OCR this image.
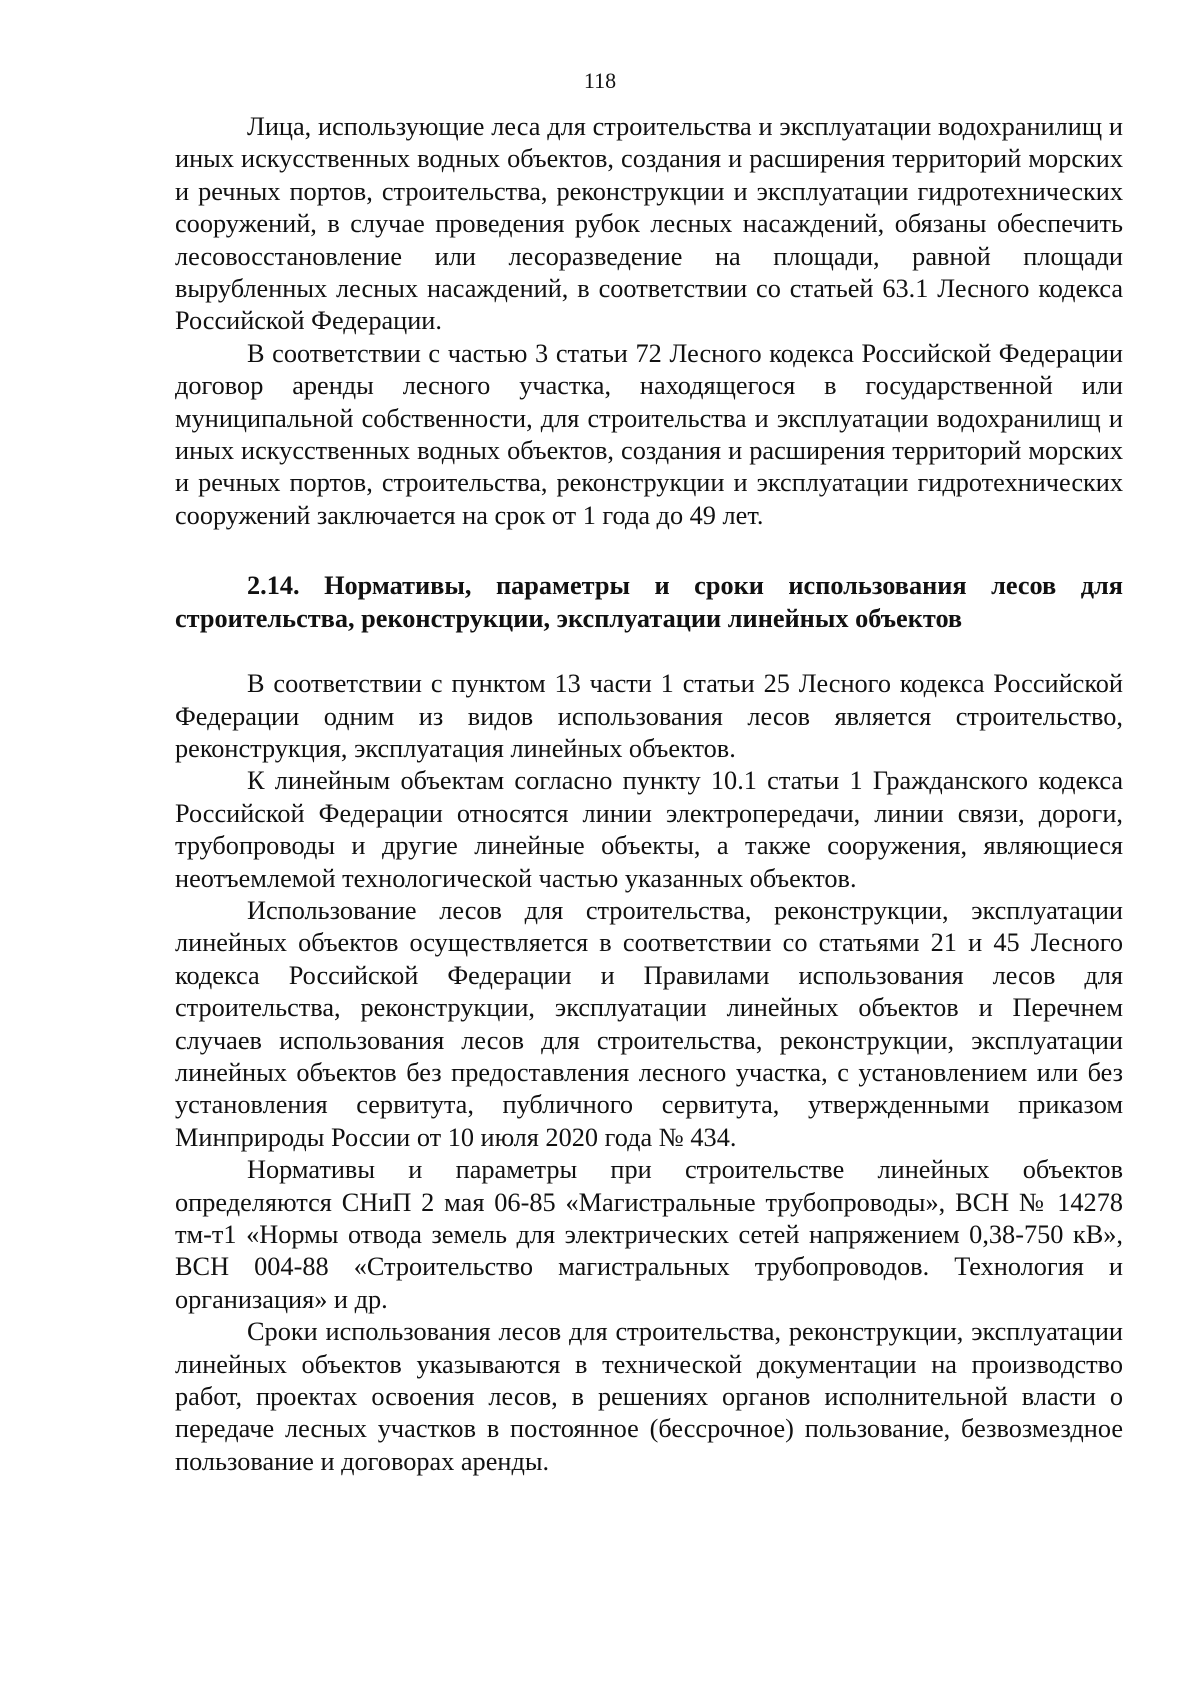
118

Лица, использующие леса для строительства и эксплуатации водохранилищ и иных искусственных водных объектов, создания и расширения территорий морских и речных портов, строительства, реконструкции и эксплуатации гидротехнических сооружений, в случае проведения рубок лесных насаждений, обязаны обеспечить лесовосстановление или лесоразведение на площади, равной площади вырубленных лесных насаждений, в соответствии со статьей 63.1 Лесного кодекса Российской Федерации.

В соответствии с частью 3 статьи 72 Лесного кодекса Российской Федерации договор аренды лесного участка, находящегося в государственной или муниципальной собственности, для строительства и эксплуатации водохранилищ и иных искусственных водных объектов, создания и расширения территорий морских и речных портов, строительства, реконструкции и эксплуатации гидротехнических сооружений заключается на срок от 1 года до 49 лет.

2.14. Нормативы, параметры и сроки использования лесов для строительства, реконструкции, эксплуатации линейных объектов

В соответствии с пунктом 13 части 1 статьи 25 Лесного кодекса Российской Федерации одним из видов использования лесов является строительство, реконструкция, эксплуатация линейных объектов.

К линейным объектам согласно пункту 10.1 статьи 1 Гражданского кодекса Российской Федерации относятся линии электропередачи, линии связи, дороги, трубопроводы и другие линейные объекты, а также сооружения, являющиеся неотъемлемой технологической частью указанных объектов.

Использование лесов для строительства, реконструкции, эксплуатации линейных объектов осуществляется в соответствии со статьями 21 и 45 Лесного кодекса Российской Федерации и Правилами использования лесов для строительства, реконструкции, эксплуатации линейных объектов и Перечнем случаев использования лесов для строительства, реконструкции, эксплуатации линейных объектов без предоставления лесного участка, с установлением или без установления сервитута, публичного сервитута, утвержденными приказом Минприроды России от 10 июля 2020 года № 434.

Нормативы и параметры при строительстве линейных объектов определяются СНиП 2 мая 06-85 «Магистральные трубопроводы», ВСН № 14278 тм-т1 «Нормы отвода земель для электрических сетей напряжением 0,38-750 кВ», ВСН 004-88 «Строительство магистральных трубопроводов. Технология и организация» и др.

Сроки использования лесов для строительства, реконструкции, эксплуатации линейных объектов указываются в технической документации на производство работ, проектах освоения лесов, в решениях органов исполнительной власти о передаче лесных участков в постоянное (бессрочное) пользование, безвозмездное пользование и договорах аренды.
